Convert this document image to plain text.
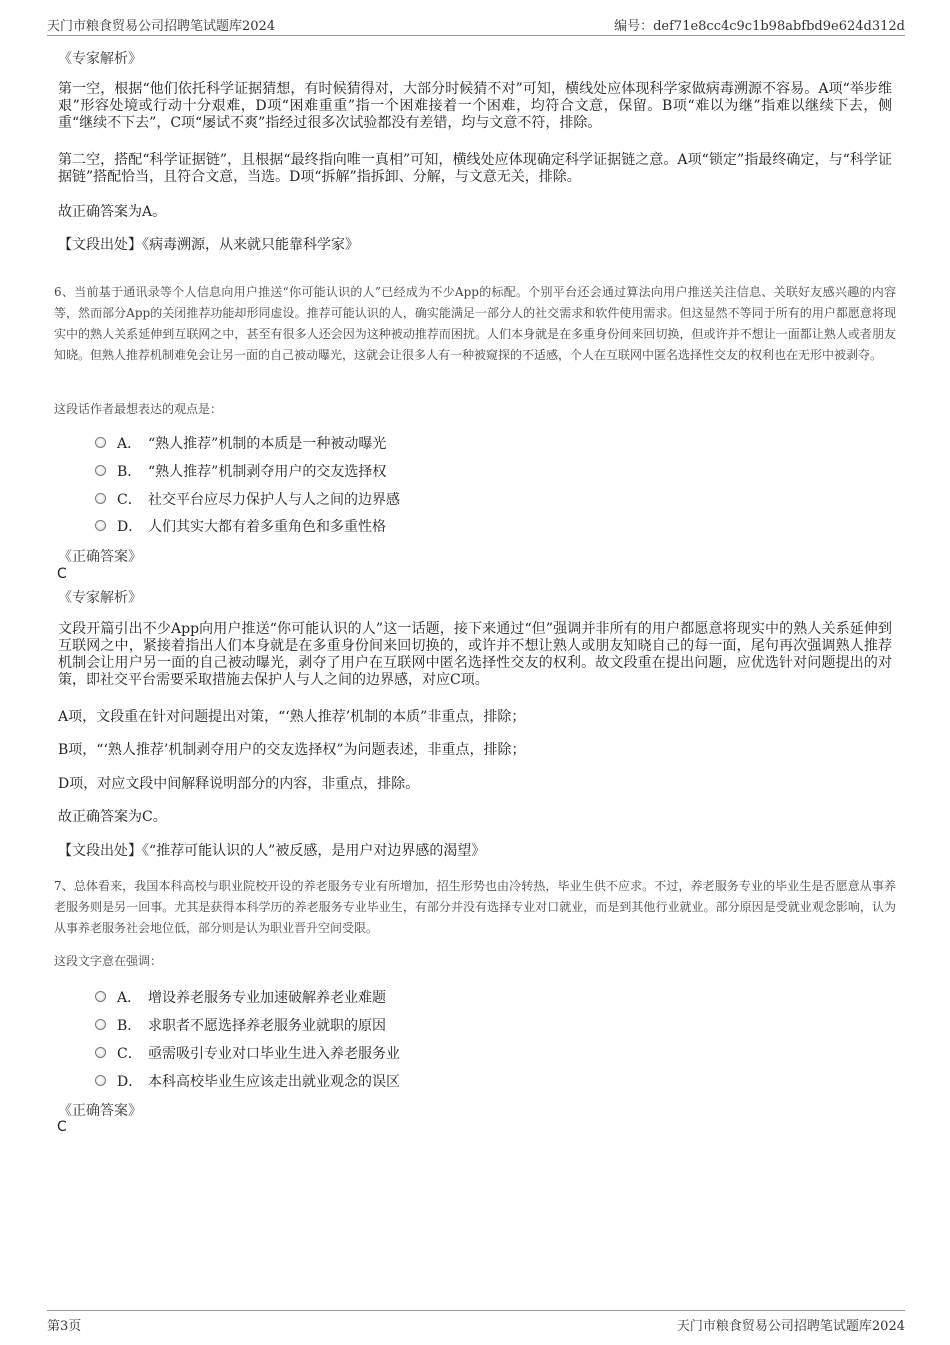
天门市粮食贸易公司招聘笔试题库2024	编号：def71e8cc4c9c1b98abfbd9e624d312d
《专家解析》
第一空，根据“他们依托科学证据猜想，有时候猜得对，大部分时候猜不对”可知，横线处应体现科学家做病毒溯源不容易。A项“举步维艰”形容处境或行动十分艰难，D项“困难重重”指一个困难接着一个困难，均符合文意，保留。B项“难以为继”指难以继续下去，侧重“继续不下去”，C项“屡试不爽”指经过很多次试验都没有差错，均与文意不符，排除。
第二空，搭配“科学证据链”，且根据“最终指向唯一真相”可知，横线处应体现确定科学证据链之意。A项“锁定”指最终确定，与“科学证据链”搭配恰当，且符合文意，当选。D项“拆解”指拆卸、分解，与文意无关，排除。
故正确答案为A。
【文段出处】《病毒溯源，从来就只能靠科学家》
6、当前基于通讯录等个人信息向用户推送“你可能认识的人”已经成为不少App的标配。个别平台还会通过算法向用户推送关注信息、关联好友感兴趣的内容等，然而部分App的关闭推荐功能却形同虚设。推荐可能认识的人，确实能满足一部分人的社交需求和软件使用需求。但这显然不等同于所有的用户都愿意将现实中的熟人关系延伸到互联网之中，甚至有很多人还会因为这种被动推荐而困扰。人们本身就是在多重身份间来回切换，但或许并不想让一面都让熟人或者朋友知晓。但熟人推荐机制难免会让另一面的自己被动曝光，这就会让很多人有一种被窥探的不适感，个人在互联网中匿名选择性交友的权利也在无形中被剥夺。
这段话作者最想表达的观点是：
A． “熟人推荐”机制的本质是一种被动曝光
B． “熟人推荐”机制剥夺用户的交友选择权
C． 社交平台应尽力保护人与人之间的边界感
D． 人们其实大都有着多重角色和多重性格
《正确答案》
C
《专家解析》
文段开篇引出不少App向用户推送“你可能认识的人”这一话题，接下来通过“但”强调并非所有的用户都愿意将现实中的熟人关系延伸到互联网之中，紧接着指出人们本身就是在多重身份间来回切换的，或许并不想让熟人或朋友知晓自己的每一面，尾句再次强调熟人推荐机制会让用户另一面的自己被动曝光，剥夺了用户在互联网中匿名选择性交友的权利。故文段重在提出问题，应优选针对问题提出的对策，即社交平台需要采取措施去保护人与人之间的边界感，对应C项。
A项，文段重在针对问题提出对策，“‘熟人推荐’机制的本质”非重点，排除；
B项，“‘熟人推荐’机制剥夺用户的交友选择权”为问题表述，非重点，排除；
D项，对应文段中间解释说明部分的内容，非重点，排除。
故正确答案为C。
【文段出处】《“推荐可能认识的人”被反感，是用户对边界感的渴望》
7、总体看来，我国本科高校与职业院校开设的养老服务专业有所增加，招生形势也由冷转热，毕业生供不应求。不过，养老服务专业的毕业生是否愿意从事养老服务则是另一回事。尤其是获得本科学历的养老服务专业毕业生，有部分并没有选择专业对口就业，而是到其他行业就业。部分原因是受就业观念影响，认为从事养老服务社会地位低，部分则是认为职业晋升空间受限。
这段文字意在强调：
A． 增设养老服务专业加速破解养老业难题
B． 求职者不愿选择养老服务业就职的原因
C． 亟需吸引专业对口毕业生进入养老服务业
D． 本科高校毕业生应该走出就业观念的误区
《正确答案》
C
第3页	天门市粮食贸易公司招聘笔试题库2024
